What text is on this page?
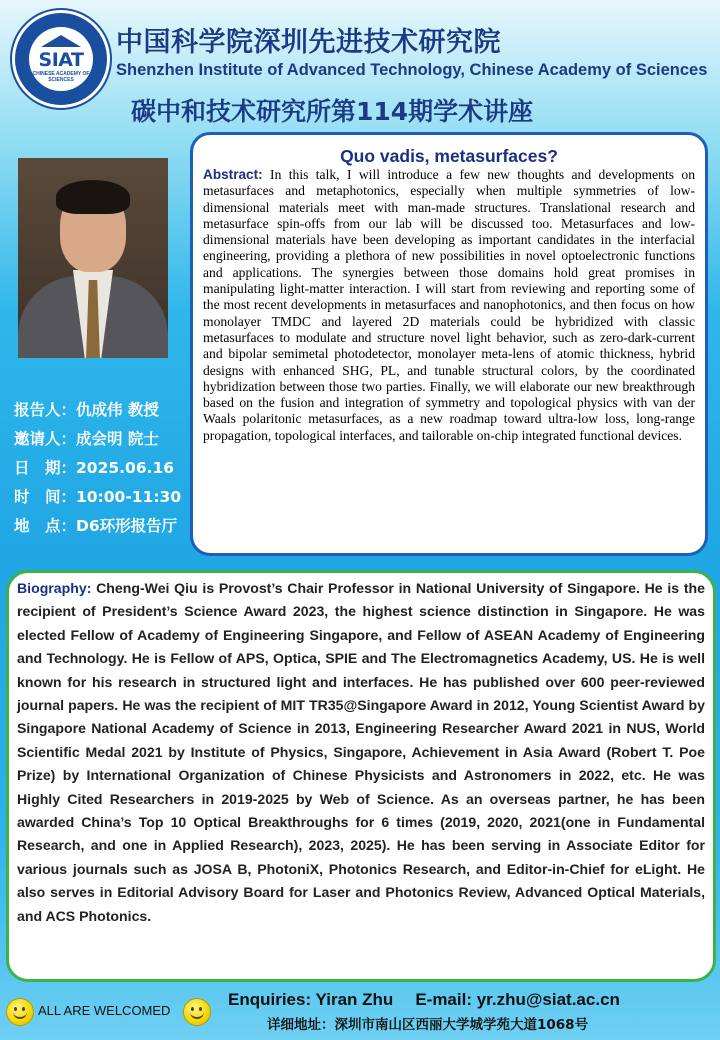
SIAT
CHINESE ACADEMY OF SCIENCES
中国科学院深圳先进技术研究院
Shenzhen Institute of Advanced Technology, Chinese Academy of Sciences
碳中和技术研究所第114期学术讲座
报告人：仇成伟 教授
邀请人：成会明 院士
日　期：2025.06.16
时　间：10:00-11:30
地　点：D6环形报告厅
Quo vadis, metasurfaces?
Abstract: In this talk, I will introduce a few new thoughts and developments on metasurfaces and metaphotonics, especially when multiple symmetries of low-dimensional materials meet with man-made structures. Translational research and metasurface spin-offs from our lab will be discussed too. Metasurfaces and low-dimensional materials have been developing as important candidates in the interfacial engineering, providing a plethora of new possibilities in novel optoelectronic functions and applications. The synergies between those domains hold great promises in manipulating light-matter interaction. I will start from reviewing and reporting some of the most recent developments in metasurfaces and nanophotonics, and then focus on how monolayer TMDC and layered 2D materials could be hybridized with classic metasurfaces to modulate and structure novel light behavior, such as zero-dark-current and bipolar semimetal photodetector, monolayer meta-lens of atomic thickness, hybrid designs with enhanced SHG, PL, and tunable structural colors, by the coordinated hybridization between those two parties. Finally, we will elaborate our new breakthrough based on the fusion and integration of symmetry and topological physics with van der Waals polaritonic metasurfaces, as a new roadmap toward ultra-low loss, long-range propagation, topological interfaces, and tailorable on-chip integrated functional devices.
Biography: Cheng-Wei Qiu is Provost’s Chair Professor in National University of Singapore. He is the recipient of President’s Science Award 2023, the highest science distinction in Singapore. He was elected Fellow of Academy of Engineering Singapore, and Fellow of ASEAN Academy of Engineering and Technology. He is Fellow of APS, Optica, SPIE and The Electromagnetics Academy, US. He is well known for his research in structured light and interfaces. He has published over 600 peer-reviewed journal papers. He was the recipient of MIT TR35@Singapore Award in 2012, Young Scientist Award by Singapore National Academy of Science in 2013, Engineering Researcher Award 2021 in NUS, World Scientific Medal 2021 by Institute of Physics, Singapore, Achievement in Asia Award (Robert T. Poe Prize) by International Organization of Chinese Physicists and Astronomers in 2022, etc. He was Highly Cited Researchers in 2019-2025 by Web of Science. As an overseas partner, he has been awarded China’s Top 10 Optical Breakthroughs for 6 times (2019, 2020, 2021(one in Fundamental Research, and one in Applied Research), 2023, 2025). He has been serving in Associate Editor for various journals such as JOSA B, PhotoniX, Photonics Research, and Editor-in-Chief for eLight. He also serves in Editorial Advisory Board for Laser and Photonics Review, Advanced Optical Materials, and ACS Photonics.
ALL ARE WELCOMED
Enquiries: Yiran Zhu E-mail: yr.zhu@siat.ac.cn
详细地址：深圳市南山区西丽大学城学苑大道1068号
